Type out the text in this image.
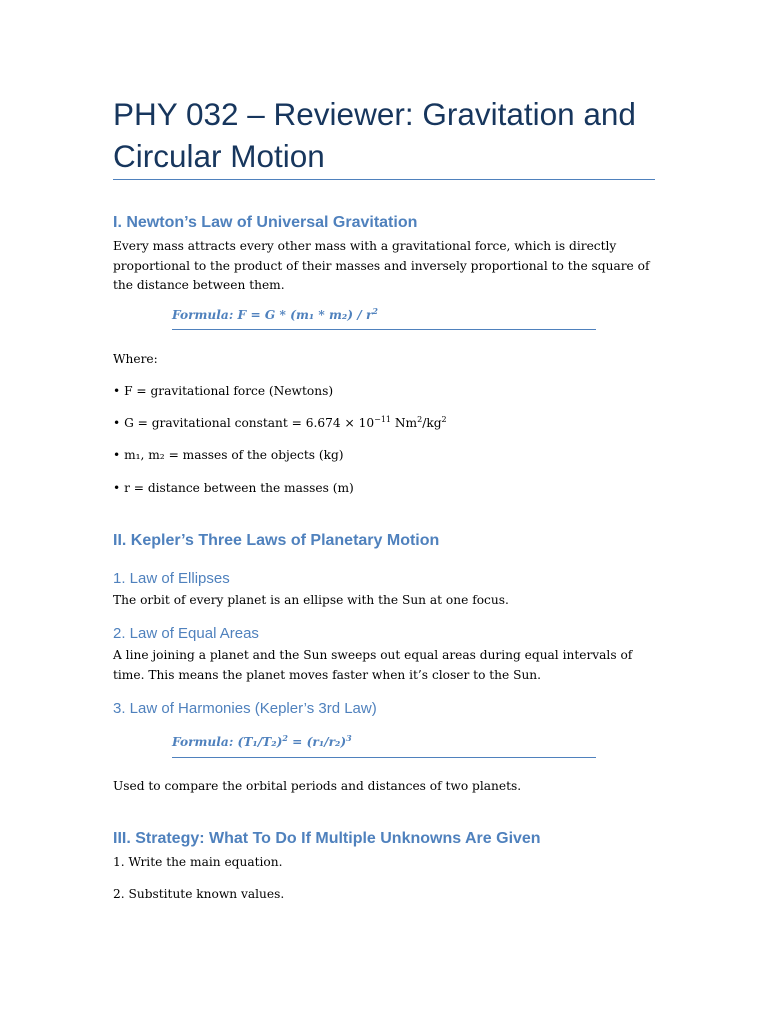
PHY 032 – Reviewer: Gravitation and Circular Motion
I. Newton’s Law of Universal Gravitation

Every mass attracts every other mass with a gravitational force, which is directly proportional to the product of their masses and inversely proportional to the square of the distance between them.

Formula: $F = G * (m_1 * m_2) / r^2$

Where:

• F = gravitational force (Newtons)

• G = gravitational constant = $6.674 \times 10^{-11}$ $Nm^2/kg^2$

• m₁, m₂ = masses of the objects (kg)

• r = distance between the masses (m)

II. Kepler’s Three Laws of Planetary Motion
1. Law of Ellipses

The orbit of every planet is an ellipse with the Sun at one focus.

2. Law of Equal Areas

A line joining a planet and the Sun sweeps out equal areas during equal intervals of time. This means the planet moves faster when it’s closer to the Sun.

3. Law of Harmonies (Kepler’s 3rd Law)

Formula: $(T_1/T_2)^2 = (r_1/r_2)^3$

Used to compare the orbital periods and distances of two planets.

III. Strategy: What To Do If Multiple Unknowns Are Given

1. Write the main equation.

2. Substitute known values.
